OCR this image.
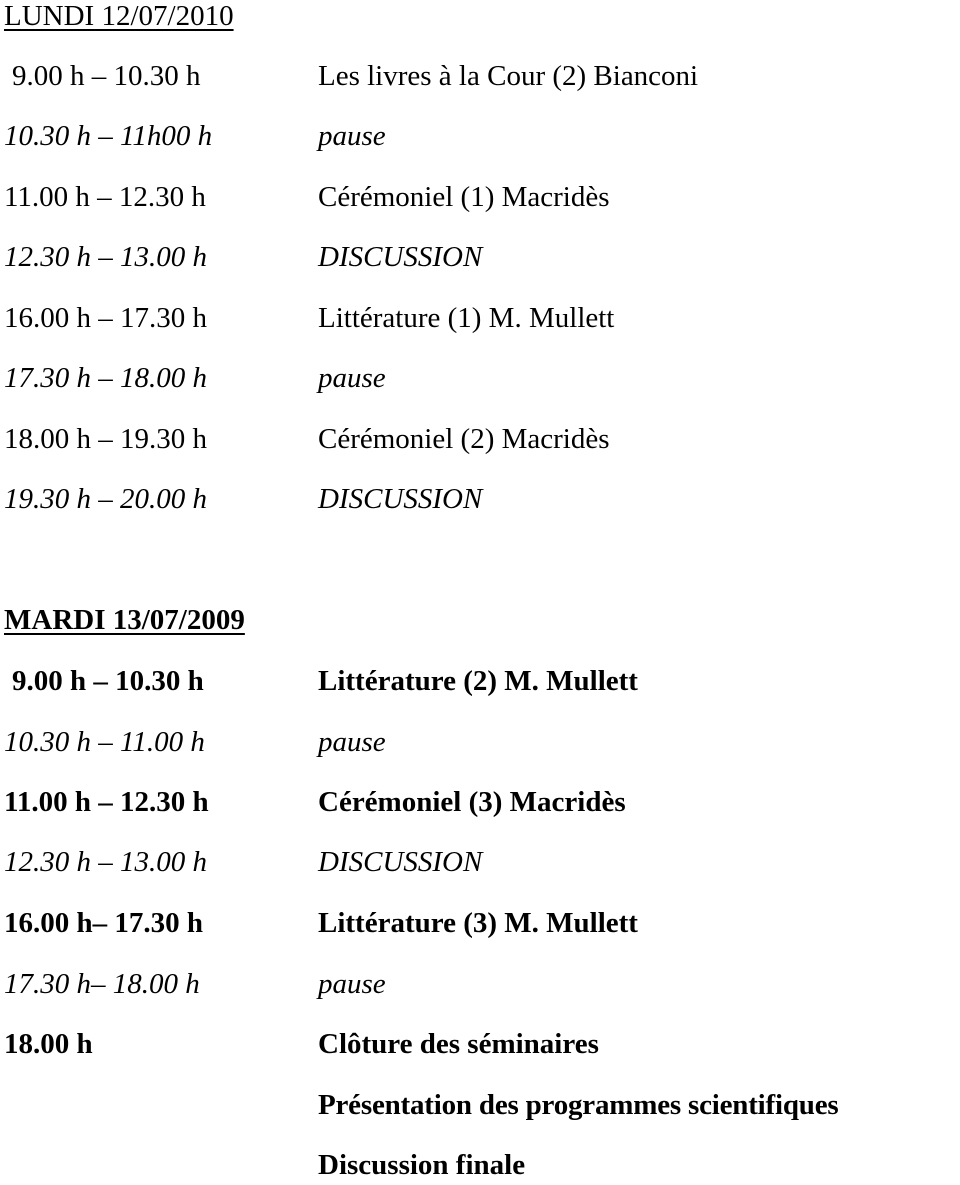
LUNDI 12/07/2010
9.00 h – 10.30 h	Les livres à la Cour (2) Bianconi
10.30 h – 11h00 h	pause
11.00 h – 12.30 h	Cérémoniel (1) Macridès
12.30 h – 13.00 h	DISCUSSION
16.00 h – 17.30 h	Littérature (1) M. Mullett
17.30 h – 18.00 h	pause
18.00 h – 19.30 h	Cérémoniel (2) Macridès
19.30 h – 20.00 h	DISCUSSION
MARDI 13/07/2009
9.00 h – 10.30 h	Littérature (2) M. Mullett
10.30 h – 11.00 h	pause
11.00 h – 12.30 h	Cérémoniel (3) Macridès
12.30 h – 13.00 h	DISCUSSION
16.00 h– 17.30 h	Littérature (3) M. Mullett
17.30 h– 18.00 h	pause
18.00 h	Clôture des séminaires
Présentation des programmes scientifiques
Discussion finale
